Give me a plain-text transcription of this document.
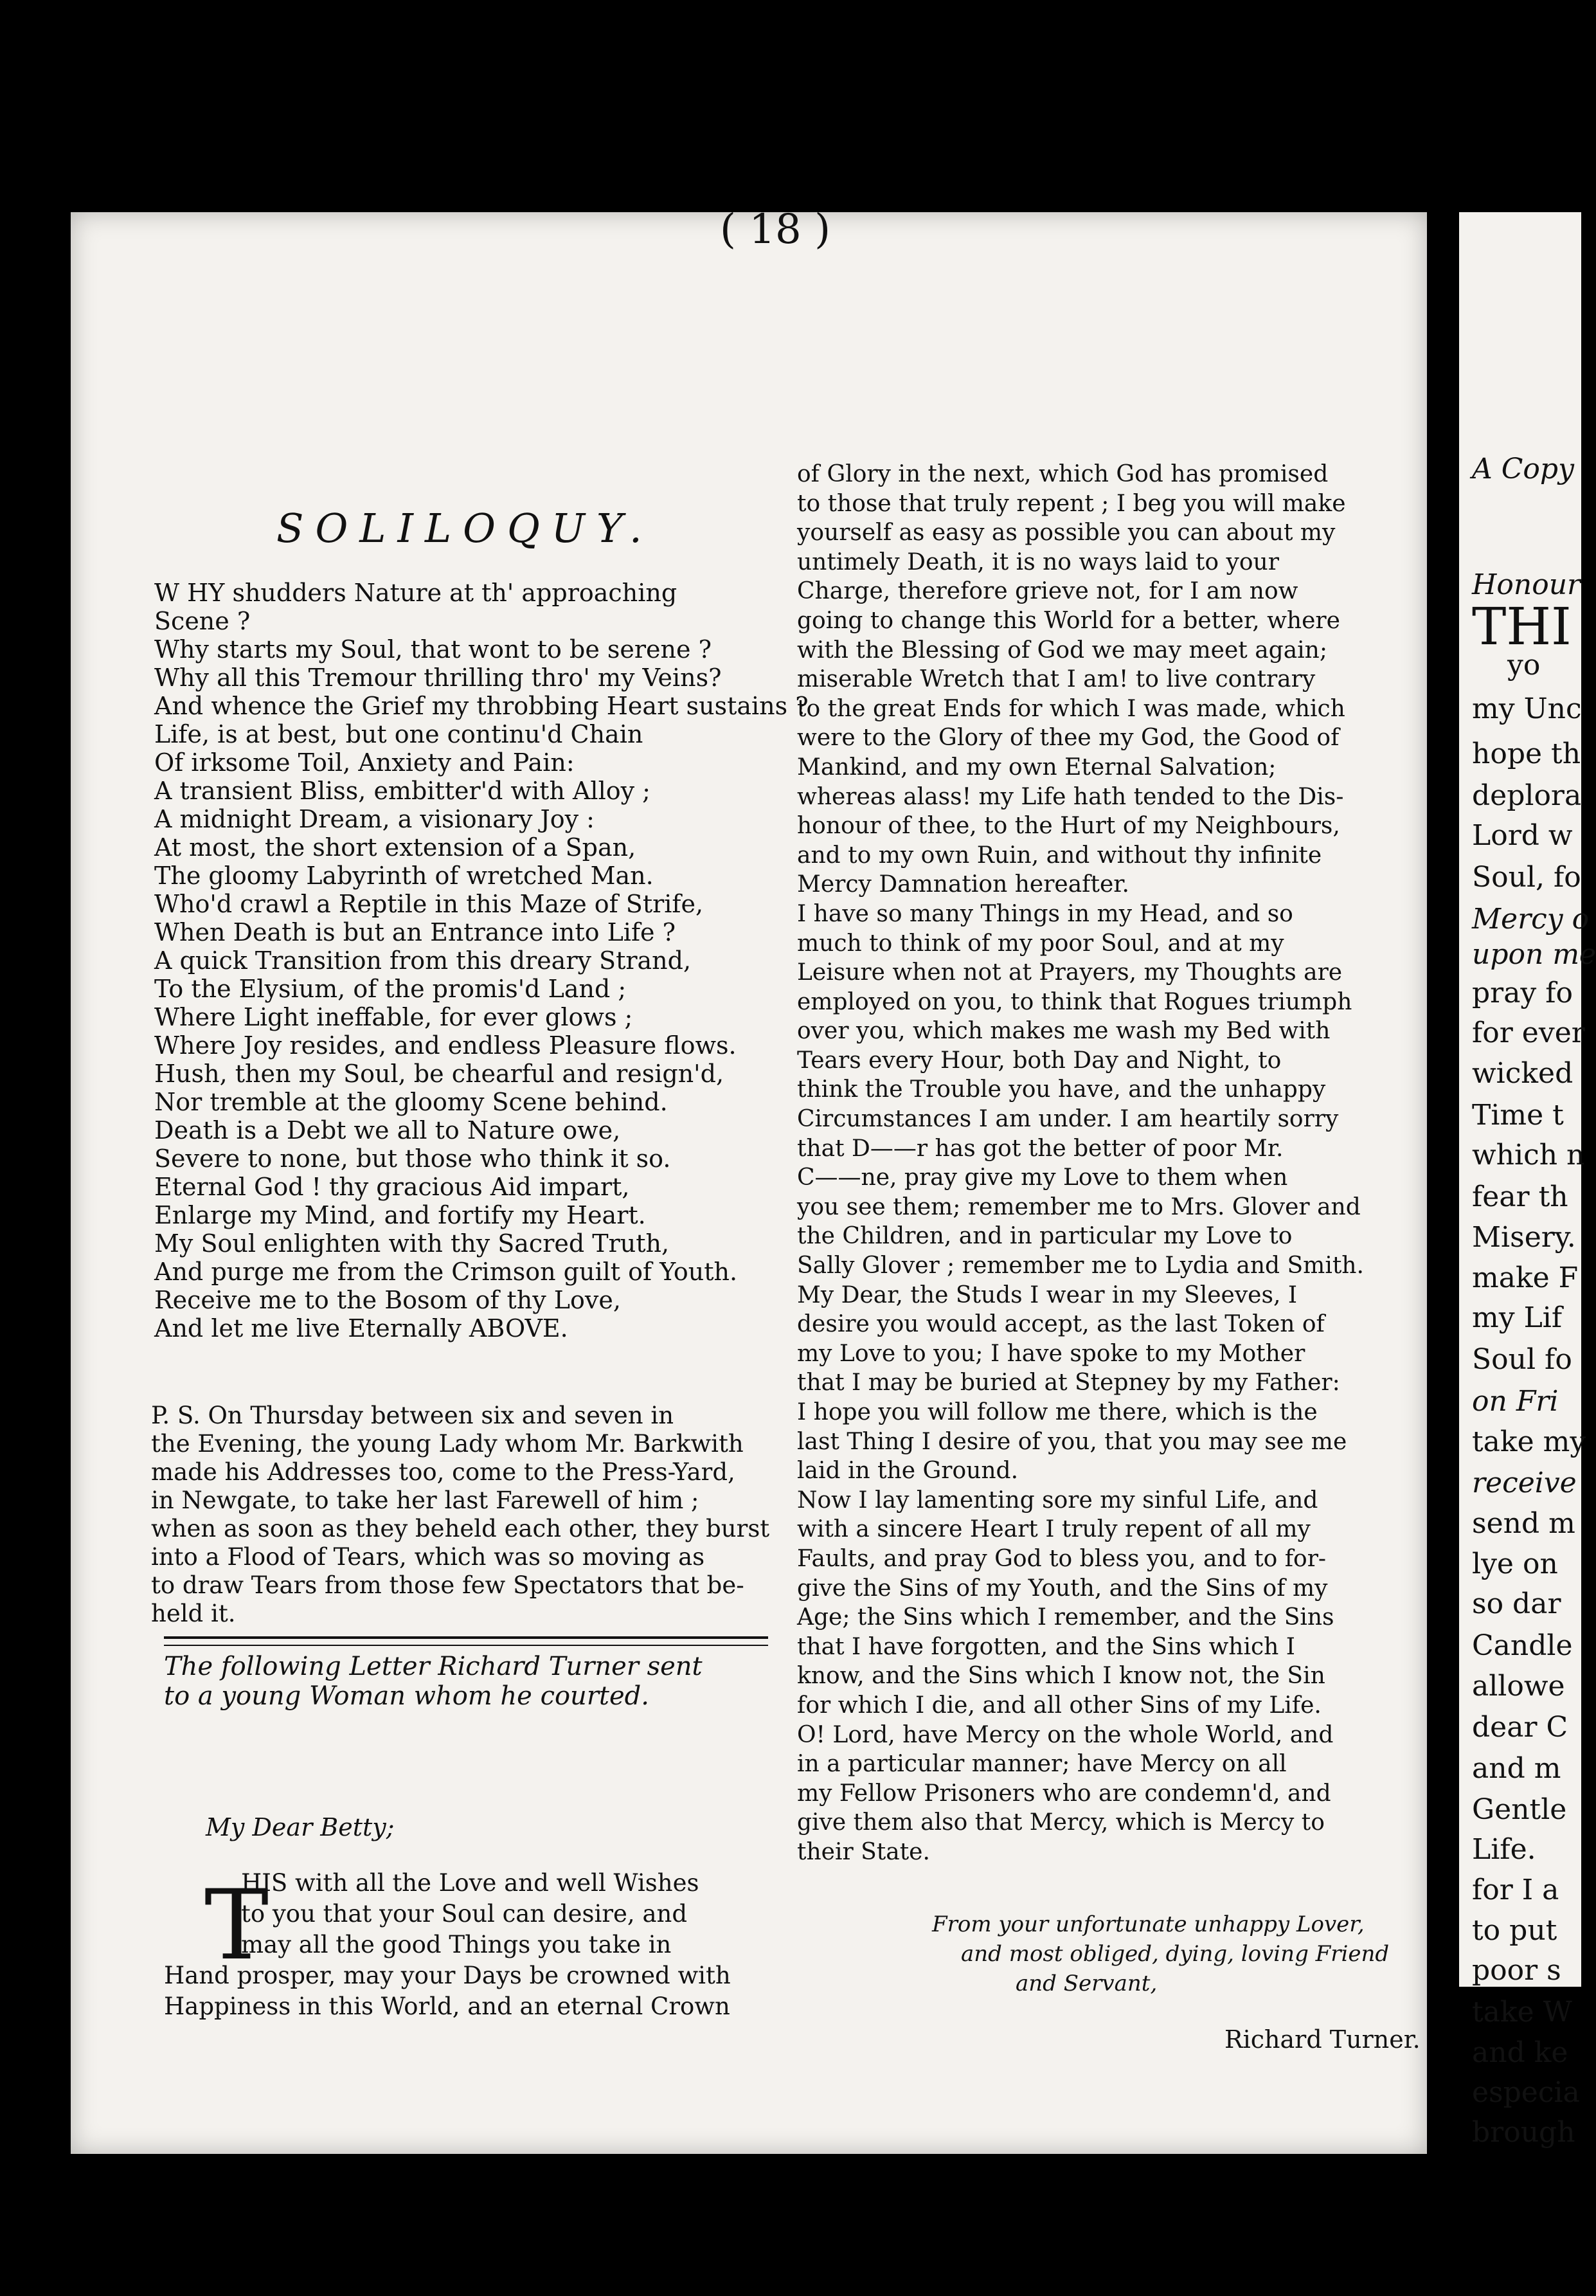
( 18 )
SOLILOQUY.
W HY shudders Nature at th' approaching
Scene ?
Why starts my Soul, that wont to be serene ?
Why all this Tremour thrilling thro' my Veins?
And whence the Grief my throbbing Heart sustains ?
Life, is at best, but one continu'd Chain
Of irksome Toil, Anxiety and Pain:
A transient Bliss, embitter'd with Alloy ;
A midnight Dream, a visionary Joy :
At most, the short extension of a Span,
The gloomy Labyrinth of wretched Man.
Who'd crawl a Reptile in this Maze of Strife,
When Death is but an Entrance into Life ?
A quick Transition from this dreary Strand,
To the Elysium, of the promis'd Land ;
Where Light ineffable, for ever glows ;
Where Joy resides, and endless Pleasure flows.
Hush, then my Soul, be chearful and resign'd,
Nor tremble at the gloomy Scene behind.
Death is a Debt we all to Nature owe,
Severe to none, but those who think it so.
Eternal God ! thy gracious Aid impart,
Enlarge my Mind, and fortify my Heart.
My Soul enlighten with thy Sacred Truth,
And purge me from the Crimson guilt of Youth.
Receive me to the Bosom of thy Love,
And let me live Eternally ABOVE.
P. S. On Thursday between six and seven in
the Evening, the young Lady whom Mr. Barkwith
made his Addresses too, come to the Press-Yard,
in Newgate, to take her last Farewell of him ;
when as soon as they beheld each other, they burst
into a Flood of Tears, which was so moving as
to draw Tears from those few Spectators that be-
held it.
The following Letter Richard Turner sent
to a young Woman whom he courted.
My Dear Betty;
T
HIS with all the Love and well Wishes
to you that your Soul can desire, and
may all the good Things you take in
Hand prosper, may your Days be crowned with
Happiness in this World, and an eternal Crown
of Glory in the next, which God has promised
to those that truly repent ; I beg you will make
yourself as easy as possible you can about my
untimely Death, it is no ways laid to your
Charge, therefore grieve not, for I am now
going to change this World for a better, where
with the Blessing of God we may meet again;
miserable Wretch that I am! to live contrary
to the great Ends for which I was made, which
were to the Glory of thee my God, the Good of
Mankind, and my own Eternal Salvation;
whereas alass! my Life hath tended to the Dis-
honour of thee, to the Hurt of my Neighbours,
and to my own Ruin, and without thy infinite
Mercy Damnation hereafter.
I have so many Things in my Head, and so
much to think of my poor Soul, and at my
Leisure when not at Prayers, my Thoughts are
employed on you, to think that Rogues triumph
over you, which makes me wash my Bed with
Tears every Hour, both Day and Night, to
think the Trouble you have, and the unhappy
Circumstances I am under. I am heartily sorry
that D——r has got the better of poor Mr.
C——ne, pray give my Love to them when
you see them; remember me to Mrs. Glover and
the Children, and in particular my Love to
Sally Glover ; remember me to Lydia and Smith.
My Dear, the Studs I wear in my Sleeves, I
desire you would accept, as the last Token of
my Love to you; I have spoke to my Mother
that I may be buried at Stepney by my Father:
I hope you will follow me there, which is the
last Thing I desire of you, that you may see me
laid in the Ground.
Now I lay lamenting sore my sinful Life, and
with a sincere Heart I truly repent of all my
Faults, and pray God to bless you, and to for-
give the Sins of my Youth, and the Sins of my
Age; the Sins which I remember, and the Sins
that I have forgotten, and the Sins which I
know, and the Sins which I know not, the Sin
for which I die, and all other Sins of my Life.
O! Lord, have Mercy on the whole World, and
in a particular manner; have Mercy on all
my Fellow Prisoners who are condemn'd, and
give them also that Mercy, which is Mercy to
their State.
From your unfortunate unhappy Lover,
and most obliged, dying, loving Friend
and Servant,
Richard Turner.
A Copy
Honour
THI
yo
my Unc
hope th
deplora
Lord w
Soul, fo
Mercy o
upon me
pray fo
for ever
wicked
Time t
which n
fear th
Misery.
make F
my Lif
Soul fo
on Fri
take my
receive
send m
lye on
so dar
Candle
allowe
dear C
and m
Gentle
Life.
for I a
to put
poor s
take W
and ke
especia
brough
